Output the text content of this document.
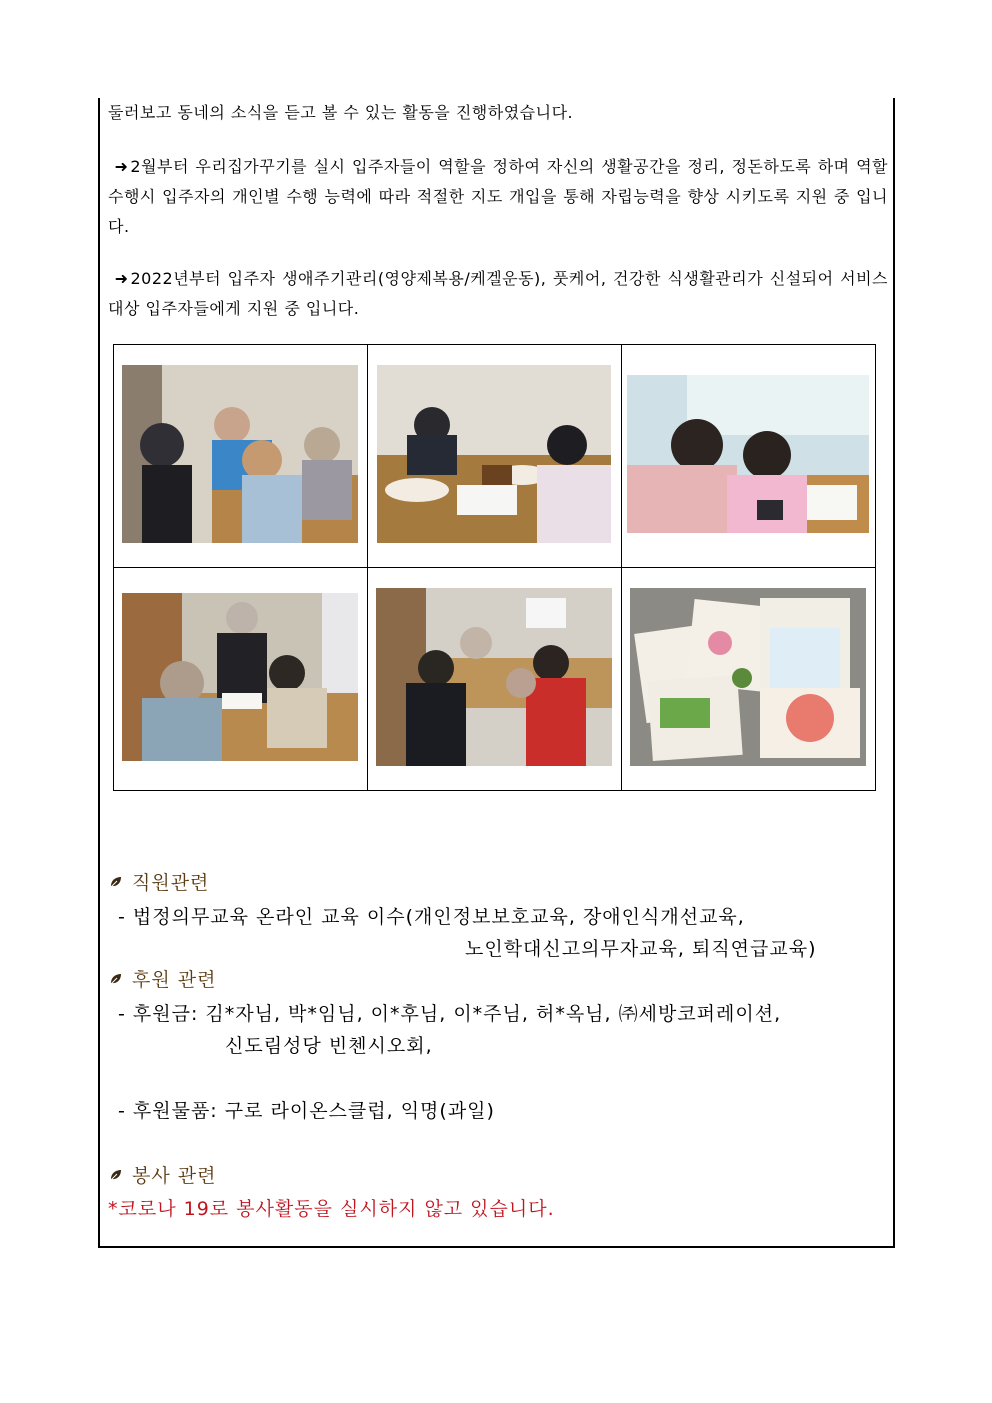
둘러보고 동네의 소식을 듣고 볼 수 있는 활동을 진행하였습니다.
➜ 2월부터 우리집가꾸기를 실시 입주자들이 역할을 정하여 자신의 생활공간을 정리, 정돈하도록 하며 역할 수행시 입주자의 개인별 수행 능력에 따라 적절한 지도 개입을 통해 자립능력을 향상 시키도록 지원 중 입니다.
➜ 2022년부터 입주자 생애주기관리(영양제복용/케겔운동), 풋케어, 건강한 식생활관리가 신설되어 서비스 대상 입주자들에게 지원 중 입니다.

직원관련
- 법정의무교육 온라인 교육 이수(개인정보보호교육, 장애인식개선교육,
노인학대신고의무자교육, 퇴직연급교육)
후원 관련
- 후원금: 김*자님, 박*임님, 이*후님, 이*주님, 허*옥님, ㈜세방코퍼레이션,
신도림성당 빈첸시오회,
- 후원물품: 구로 라이온스클럽, 익명(과일)
봉사 관련
*코로나 19로 봉사활동을 실시하지 않고 있습니다.
